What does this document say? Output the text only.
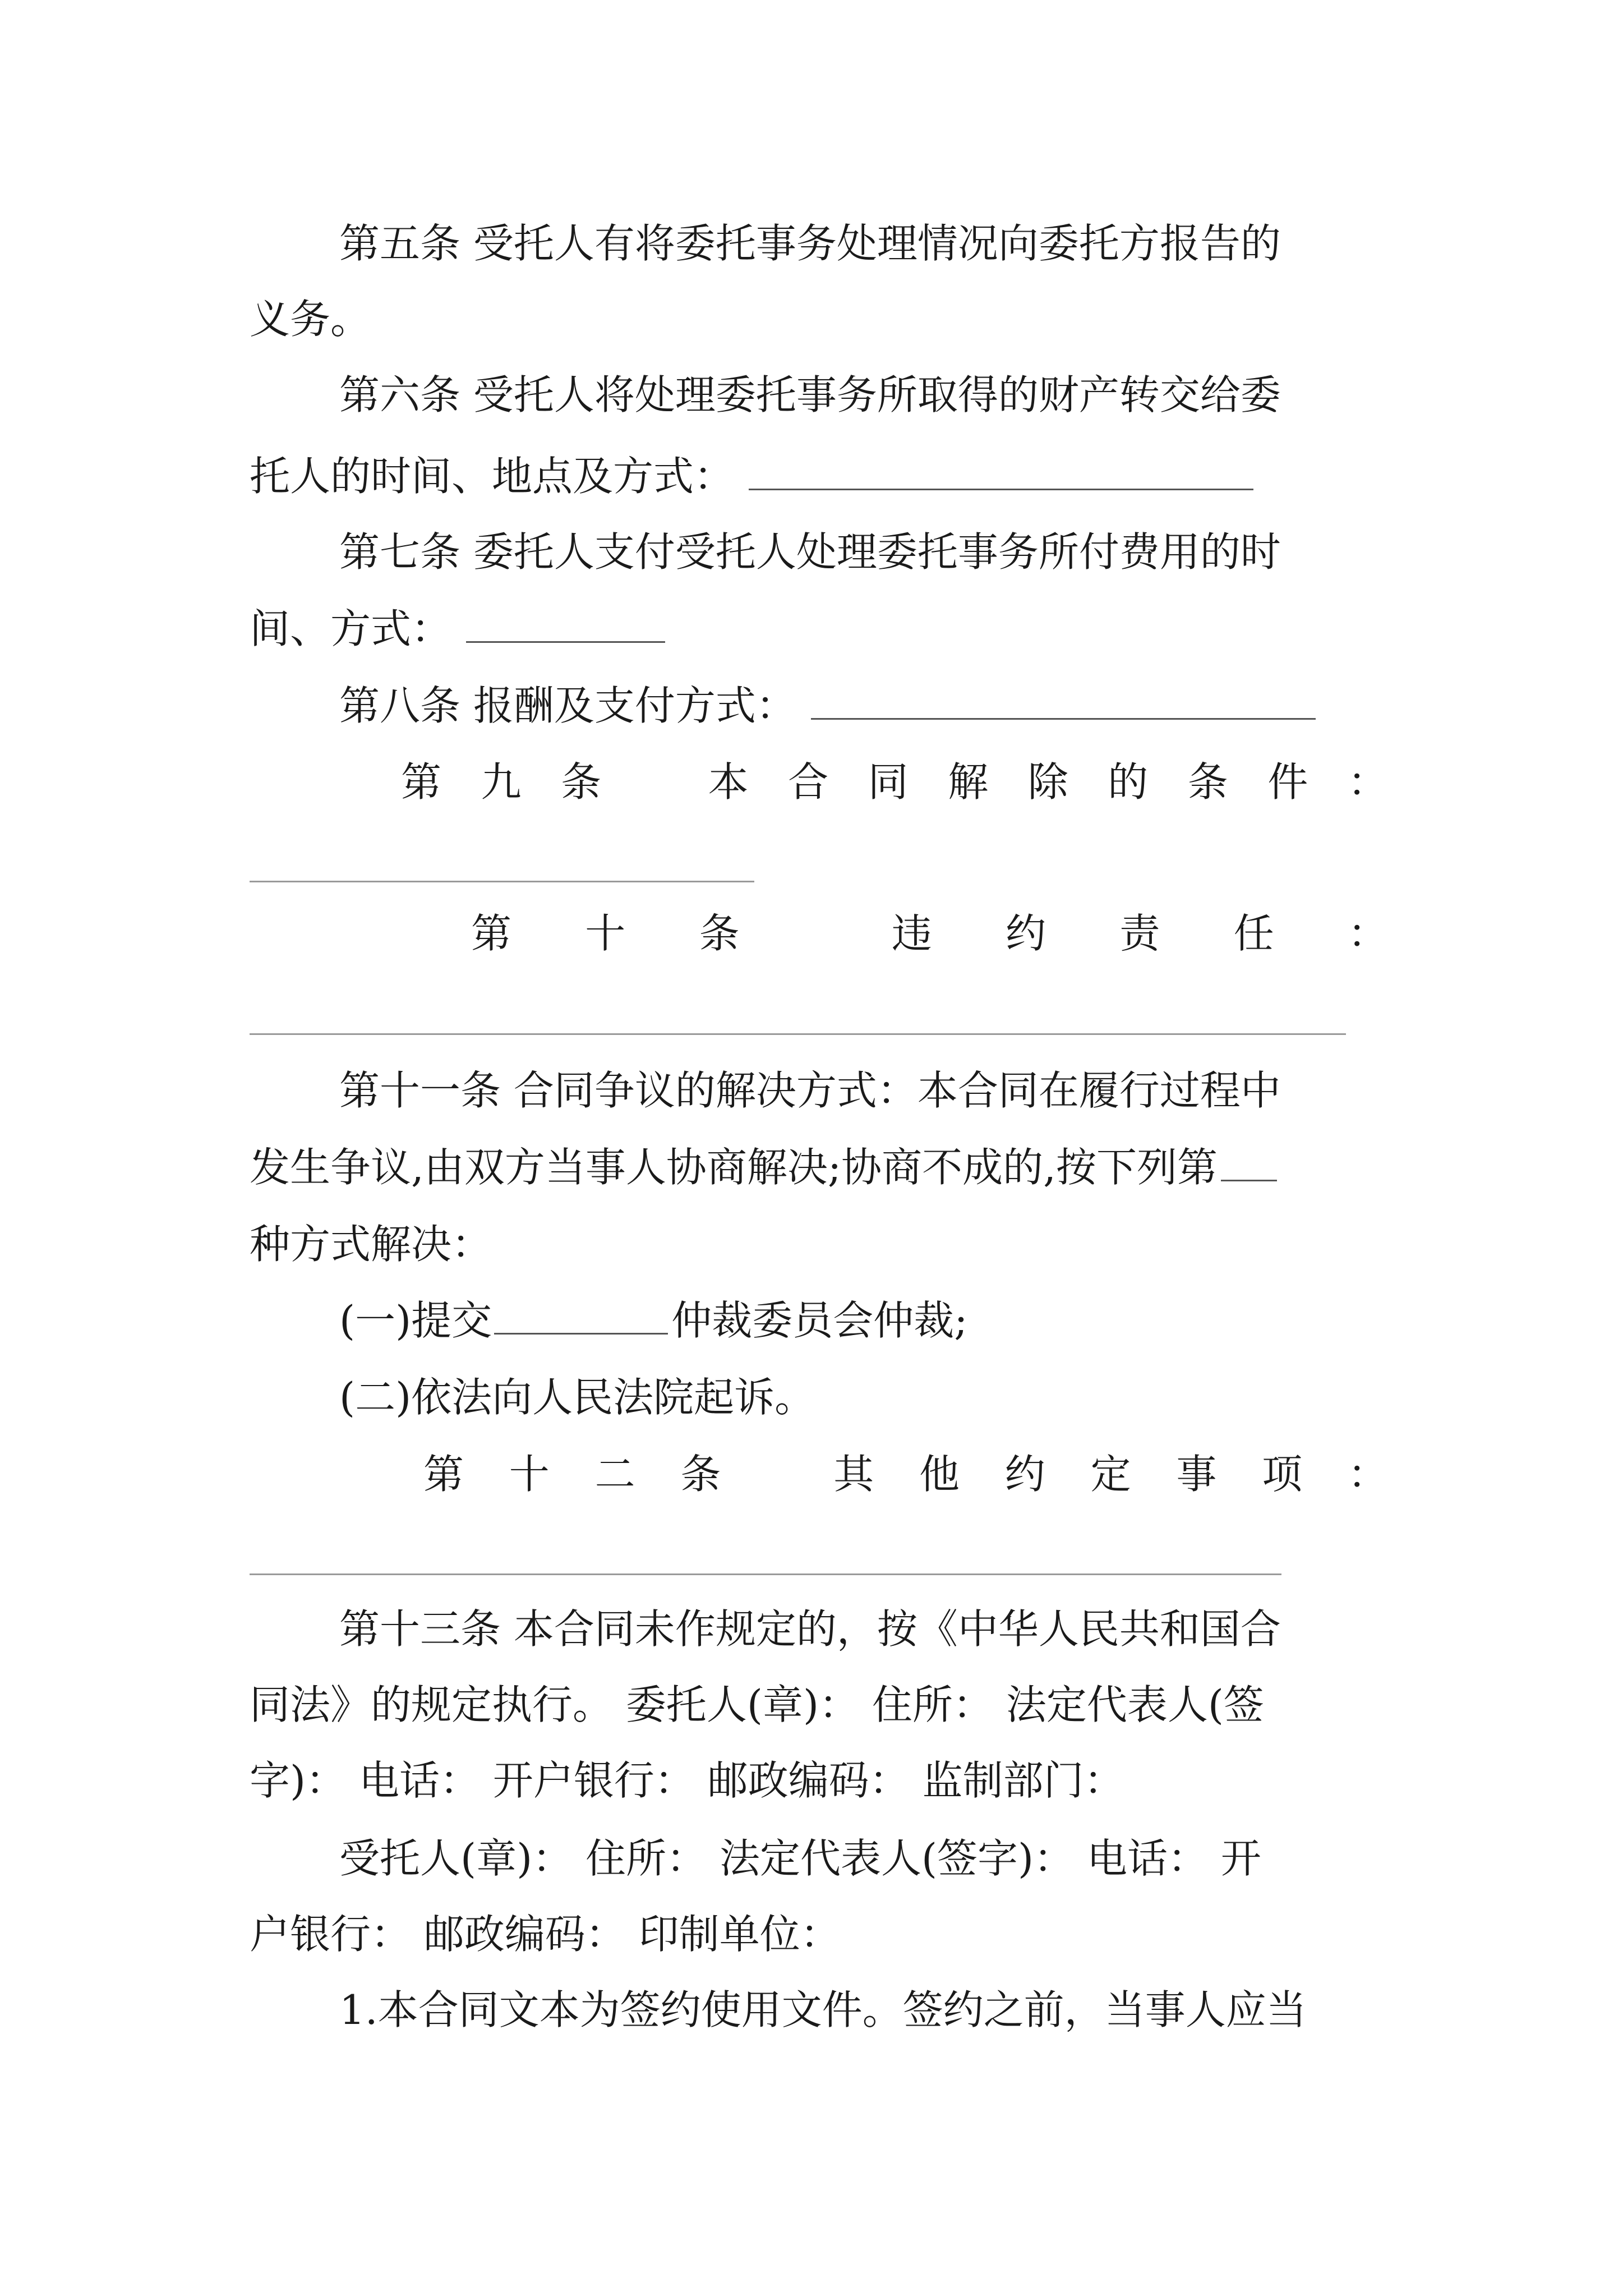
第五条 受托人有将委托事务处理情况向委托方报告的
义务。
第六条 受托人将处理委托事务所取得的财产转交给委
托人的时间、地点及方式：
第七条 委托人支付受托人处理委托事务所付费用的时
间、方式：
第八条 报酬及支付方式：
第 九 条	本 合 同 解 除 的 条 件 ：
第 十 条	违 约 责 任 ：
第十一条 合同争议的解决方式：本合同在履行过程中
发生争议,由双方当事人协商解决;协商不成的,按下列第
种方式解决：
(一)提交	仲裁委员会仲裁;
(二)依法向人民法院起诉。
第 十 二 条	其 他 约 定 事 项 ：
第十三条 本合同未作规定的，按《中华人民共和国合
同法》的规定执行。 委托人(章)： 住所： 法定代表人(签
字)： 电话： 开户银行： 邮政编码： 监制部门：
受托人(章)： 住所： 法定代表人(签字)： 电话： 开
户银行： 邮政编码： 印制单位：
1.本合同文本为签约使用文件。签约之前，当事人应当
